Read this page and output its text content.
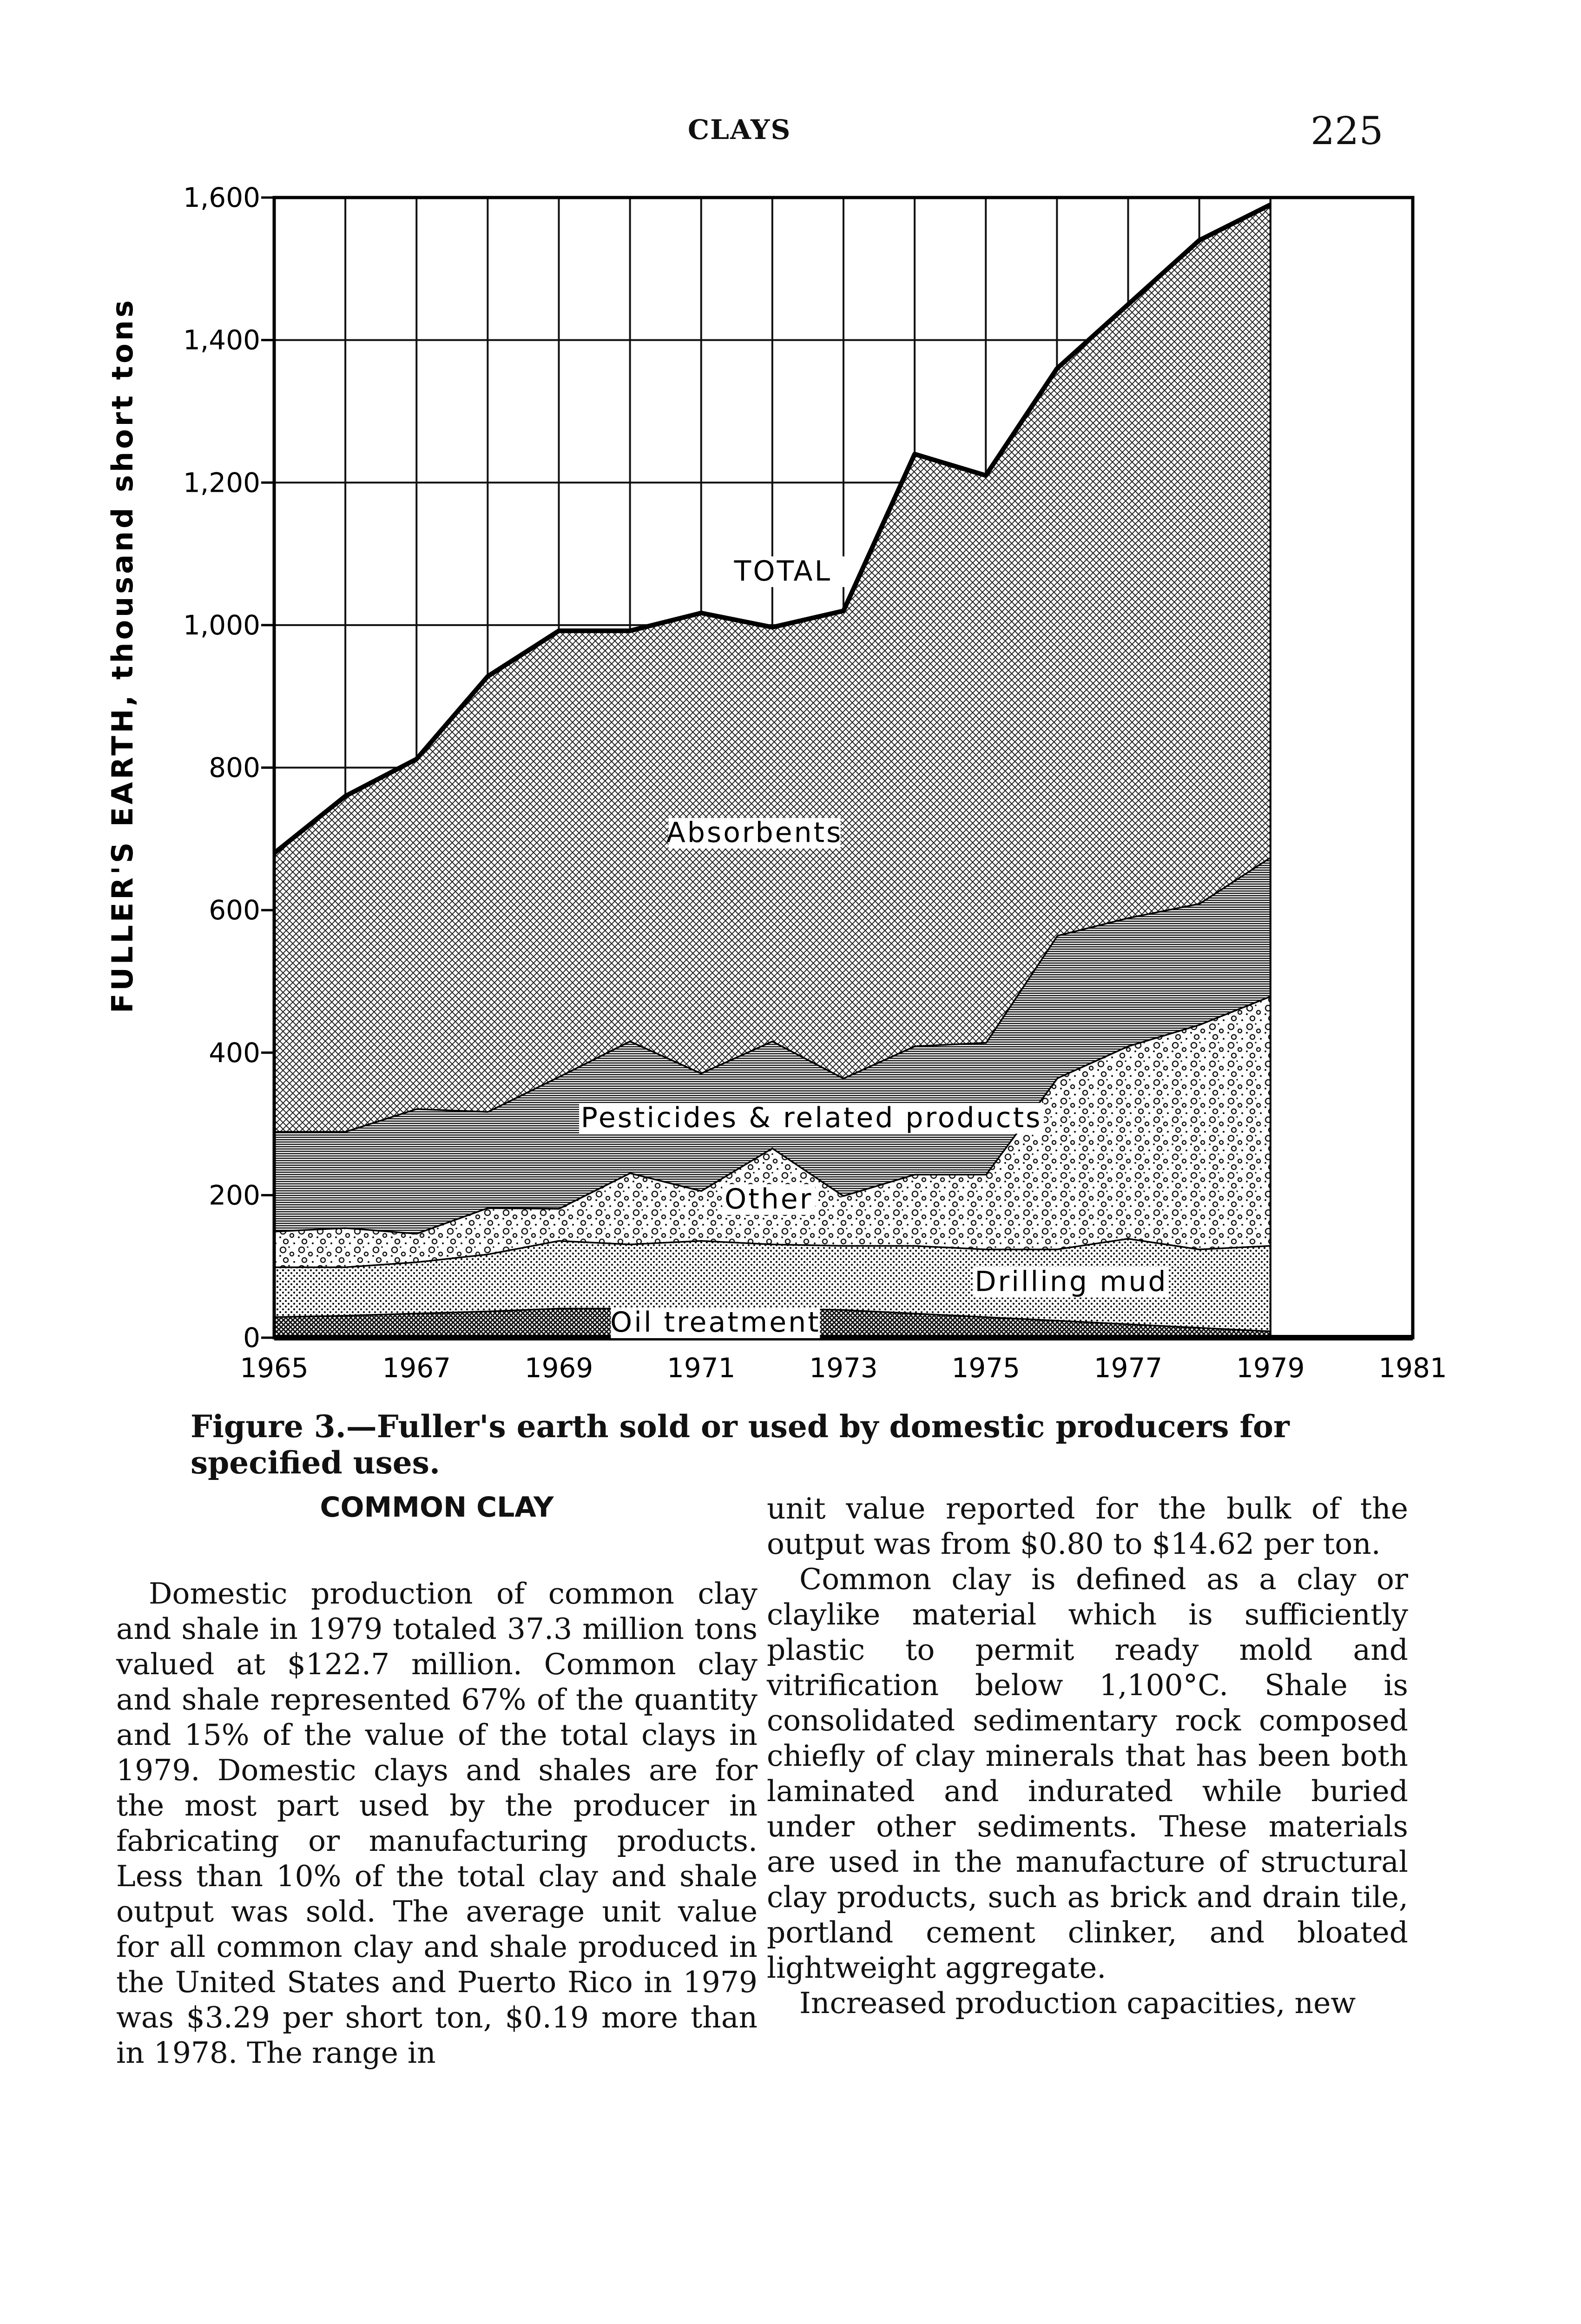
CLAYS	225
0
200
400
600
800
1,000
1,200
1,400
1,600
1965	1967	1969	1971	1973	1975	1977	1979	1981
TOTAL
Absorbents
Pesticides & related products
Other
Drilling mud
Oil treatment
FULLER'S EARTH, thousand short tons
Figure 3.—Fuller's earth sold or used by domestic producers for specified uses.
COMMON CLAY

Domestic production of common clay and shale in 1979 totaled 37.3 million tons valued at $122.7 million. Common clay and shale represented 67% of the quantity and 15% of the value of the total clays in 1979. Domestic clays and shales are for the most part used by the producer in fabricating or manufacturing products. Less than 10% of the total clay and shale output was sold. The average unit value for all common clay and shale produced in the United States and Puerto Rico in 1979 was $3.29 per short ton, $0.19 more than in 1978. The range in

unit value reported for the bulk of the output was from $0.80 to $14.62 per ton.

Common clay is defined as a clay or claylike material which is sufficiently plastic to permit ready mold and vitrification below 1,100°C. Shale is consolidated sedimentary rock composed chiefly of clay minerals that has been both laminated and indurated while buried under other sediments. These materials are used in the manufacture of structural clay products, such as brick and drain tile, portland cement clinker, and bloated lightweight aggregate.

Increased production capacities, new
